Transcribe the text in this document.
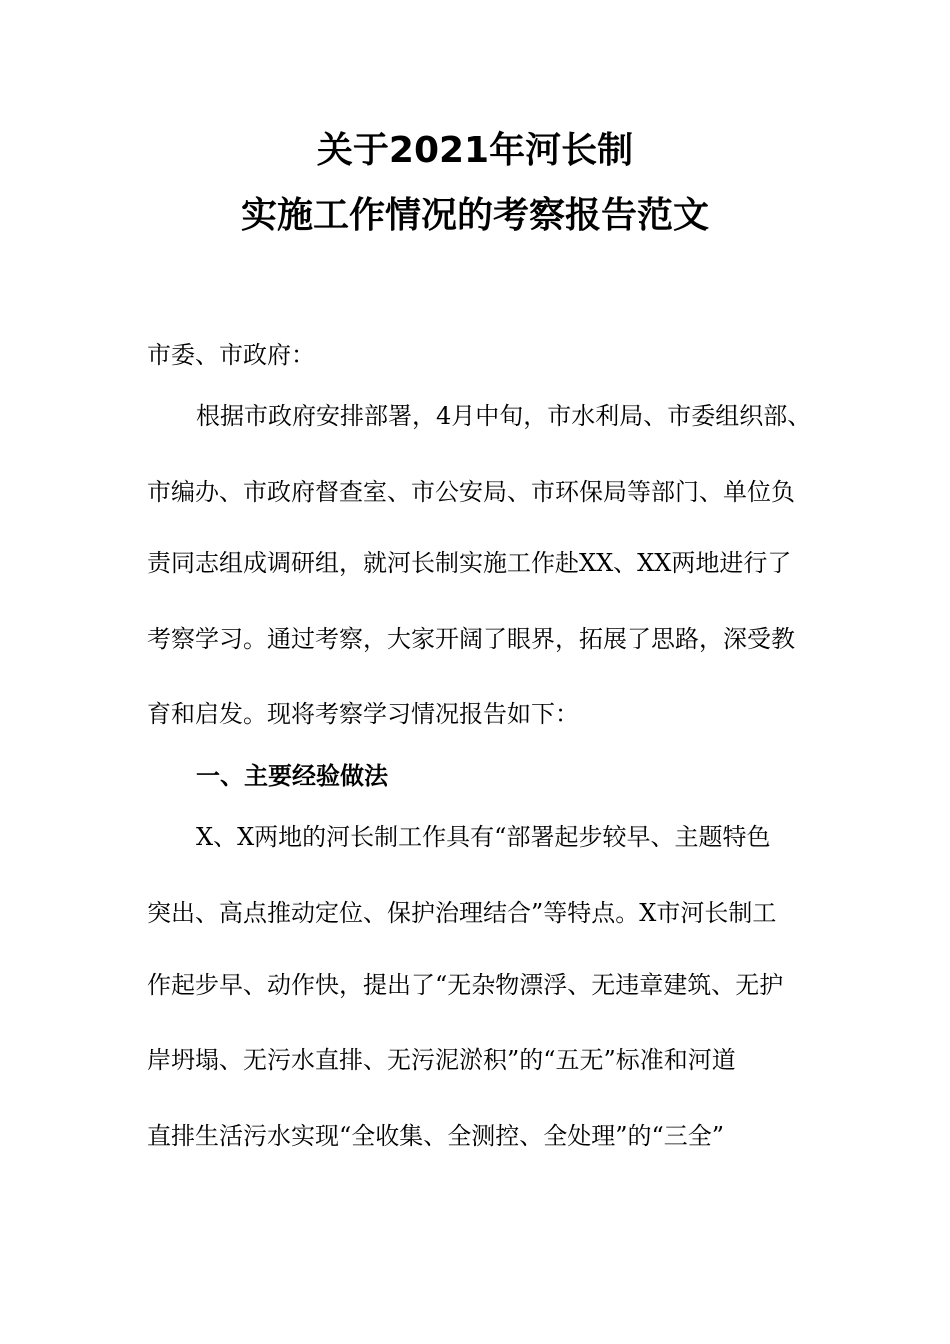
关于2021年河长制
实施工作情况的考察报告范文

市委、市政府：

根据市政府安排部署，4月中旬，市水利局、市委组织部、

市编办、市政府督查室、市公安局、市环保局等部门、单位负

责同志组成调研组，就河长制实施工作赴XX、XX两地进行了

考察学习。通过考察，大家开阔了眼界，拓展了思路，深受教

育和启发。现将考察学习情况报告如下：

一、主要经验做法

X、X两地的河长制工作具有“部署起步较早、主题特色

突出、高点推动定位、保护治理结合”等特点。X市河长制工

作起步早、动作快，提出了“无杂物漂浮、无违章建筑、无护

岸坍塌、无污水直排、无污泥淤积”的“五无”标准和河道

直排生活污水实现“全收集、全测控、全处理”的“三全”
